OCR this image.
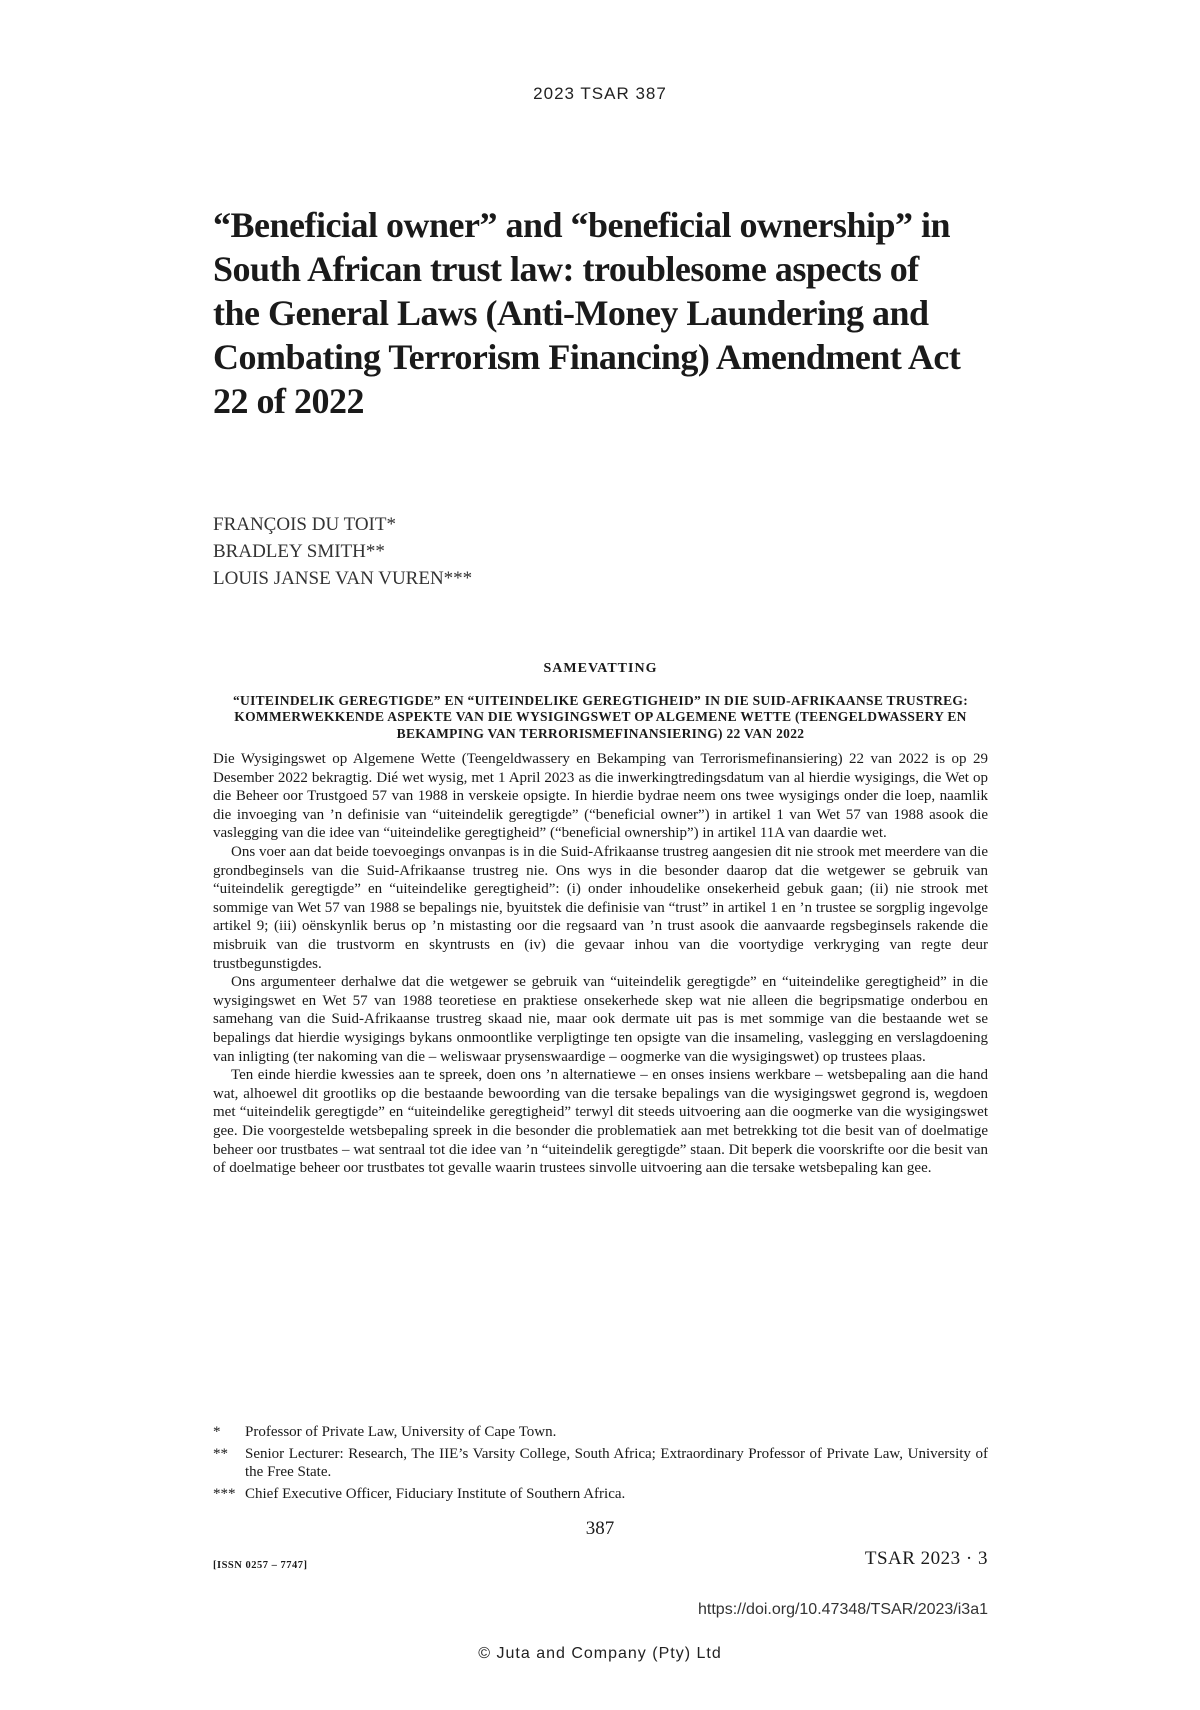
2023 TSAR 387
“Beneficial owner” and “beneficial ownership” in South African trust law: troublesome aspects of the General Laws (Anti-Money Laundering and Combating Terrorism Financing) Amendment Act 22 of 2022
FRANÇOIS DU TOIT*
BRADLEY SMITH**
LOUIS JANSE VAN VUREN***
SAMEVATTING
“UITEINDELIK GEREGTIGDE” EN “UITEINDELIKE GEREGTIGHEID” IN DIE SUID-AFRIKAANSE TRUSTREG: KOMMERWEKKENDE ASPEKTE VAN DIE WYSIGINGSWET OP ALGEMENE WETTE (TEENGELDWASSERY EN BEKAMPING VAN TERRORISMEFINANSIERING) 22 VAN 2022

Die Wysigingswet op Algemene Wette (Teengeldwassery en Bekamping van Terrorismefinansiering) 22 van 2022 is op 29 Desember 2022 bekragtig. Dié wet wysig, met 1 April 2023 as die inwerkingtredingsdatum van al hierdie wysigings, die Wet op die Beheer oor Trustgoed 57 van 1988 in verskeie opsigte. In hierdie bydrae neem ons twee wysigings onder die loep, naamlik die invoeging van ’n definisie van “uiteindelik geregtigde” (“beneficial owner”) in artikel 1 van Wet 57 van 1988 asook die vaslegging van die idee van “uiteindelike geregtigheid” (“beneficial ownership”) in artikel 11A van daardie wet.

Ons voer aan dat beide toevoegings onvanpas is in die Suid-Afrikaanse trustreg aangesien dit nie strook met meerdere van die grondbeginsels van die Suid-Afrikaanse trustreg nie. Ons wys in die besonder daarop dat die wetgewer se gebruik van “uiteindelik geregtigde” en “uiteindelike geregtigheid”: (i) onder inhoudelike onsekerheid gebuk gaan; (ii) nie strook met sommige van Wet 57 van 1988 se bepalings nie, byuitstek die definisie van “trust” in artikel 1 en ’n trustee se sorgplig ingevolge artikel 9; (iii) oënskynlik berus op ’n mistasting oor die regsaard van ’n trust asook die aanvaarde regsbeginsels rakende die misbruik van die trustvorm en skyntrusts en (iv) die gevaar inhou van die voortydige verkryging van regte deur trustbegunstigdes.

Ons argumenteer derhalwe dat die wetgewer se gebruik van “uiteindelik geregtigde” en “uiteindelike geregtigheid” in die wysigingswet en Wet 57 van 1988 teoretiese en praktiese onsekerhede skep wat nie alleen die begripsmatige onderbou en samehang van die Suid-Afrikaanse trustreg skaad nie, maar ook dermate uit pas is met sommige van die bestaande wet se bepalings dat hierdie wysigings bykans onmoontlike verpligtinge ten opsigte van die insameling, vaslegging en verslagdoening van inligting (ter nakoming van die – weliswaar prysenswaardige – oogmerke van die wysigingswet) op trustees plaas.

Ten einde hierdie kwessies aan te spreek, doen ons ’n alternatiewe – en onses insiens werkbare – wetsbepaling aan die hand wat, alhoewel dit grootliks op die bestaande bewoording van die tersake bepalings van die wysigingswet gegrond is, wegdoen met “uiteindelik geregtigde” en “uiteindelike geregtigheid” terwyl dit steeds uitvoering aan die oogmerke van die wysigingswet gee. Die voorgestelde wetsbepaling spreek in die besonder die problematiek aan met betrekking tot die besit van of doelmatige beheer oor trustbates – wat sentraal tot die idee van ’n “uiteindelik geregtigde” staan. Dit beperk die voorskrifte oor die besit van of doelmatige beheer oor trustbates tot gevalle waarin trustees sinvolle uitvoering aan die tersake wetsbepaling kan gee.

*	Professor of Private Law, University of Cape Town.
**	Senior Lecturer: Research, The IIE’s Varsity College, South Africa; Extraordinary Professor of Private Law, University of the Free State.
*** Chief Executive Officer, Fiduciary Institute of Southern Africa.
387
[ISSN 0257 – 7747]	TSAR 2023 · 3
https://doi.org/10.47348/TSAR/2023/i3a1
© Juta and Company (Pty) Ltd
